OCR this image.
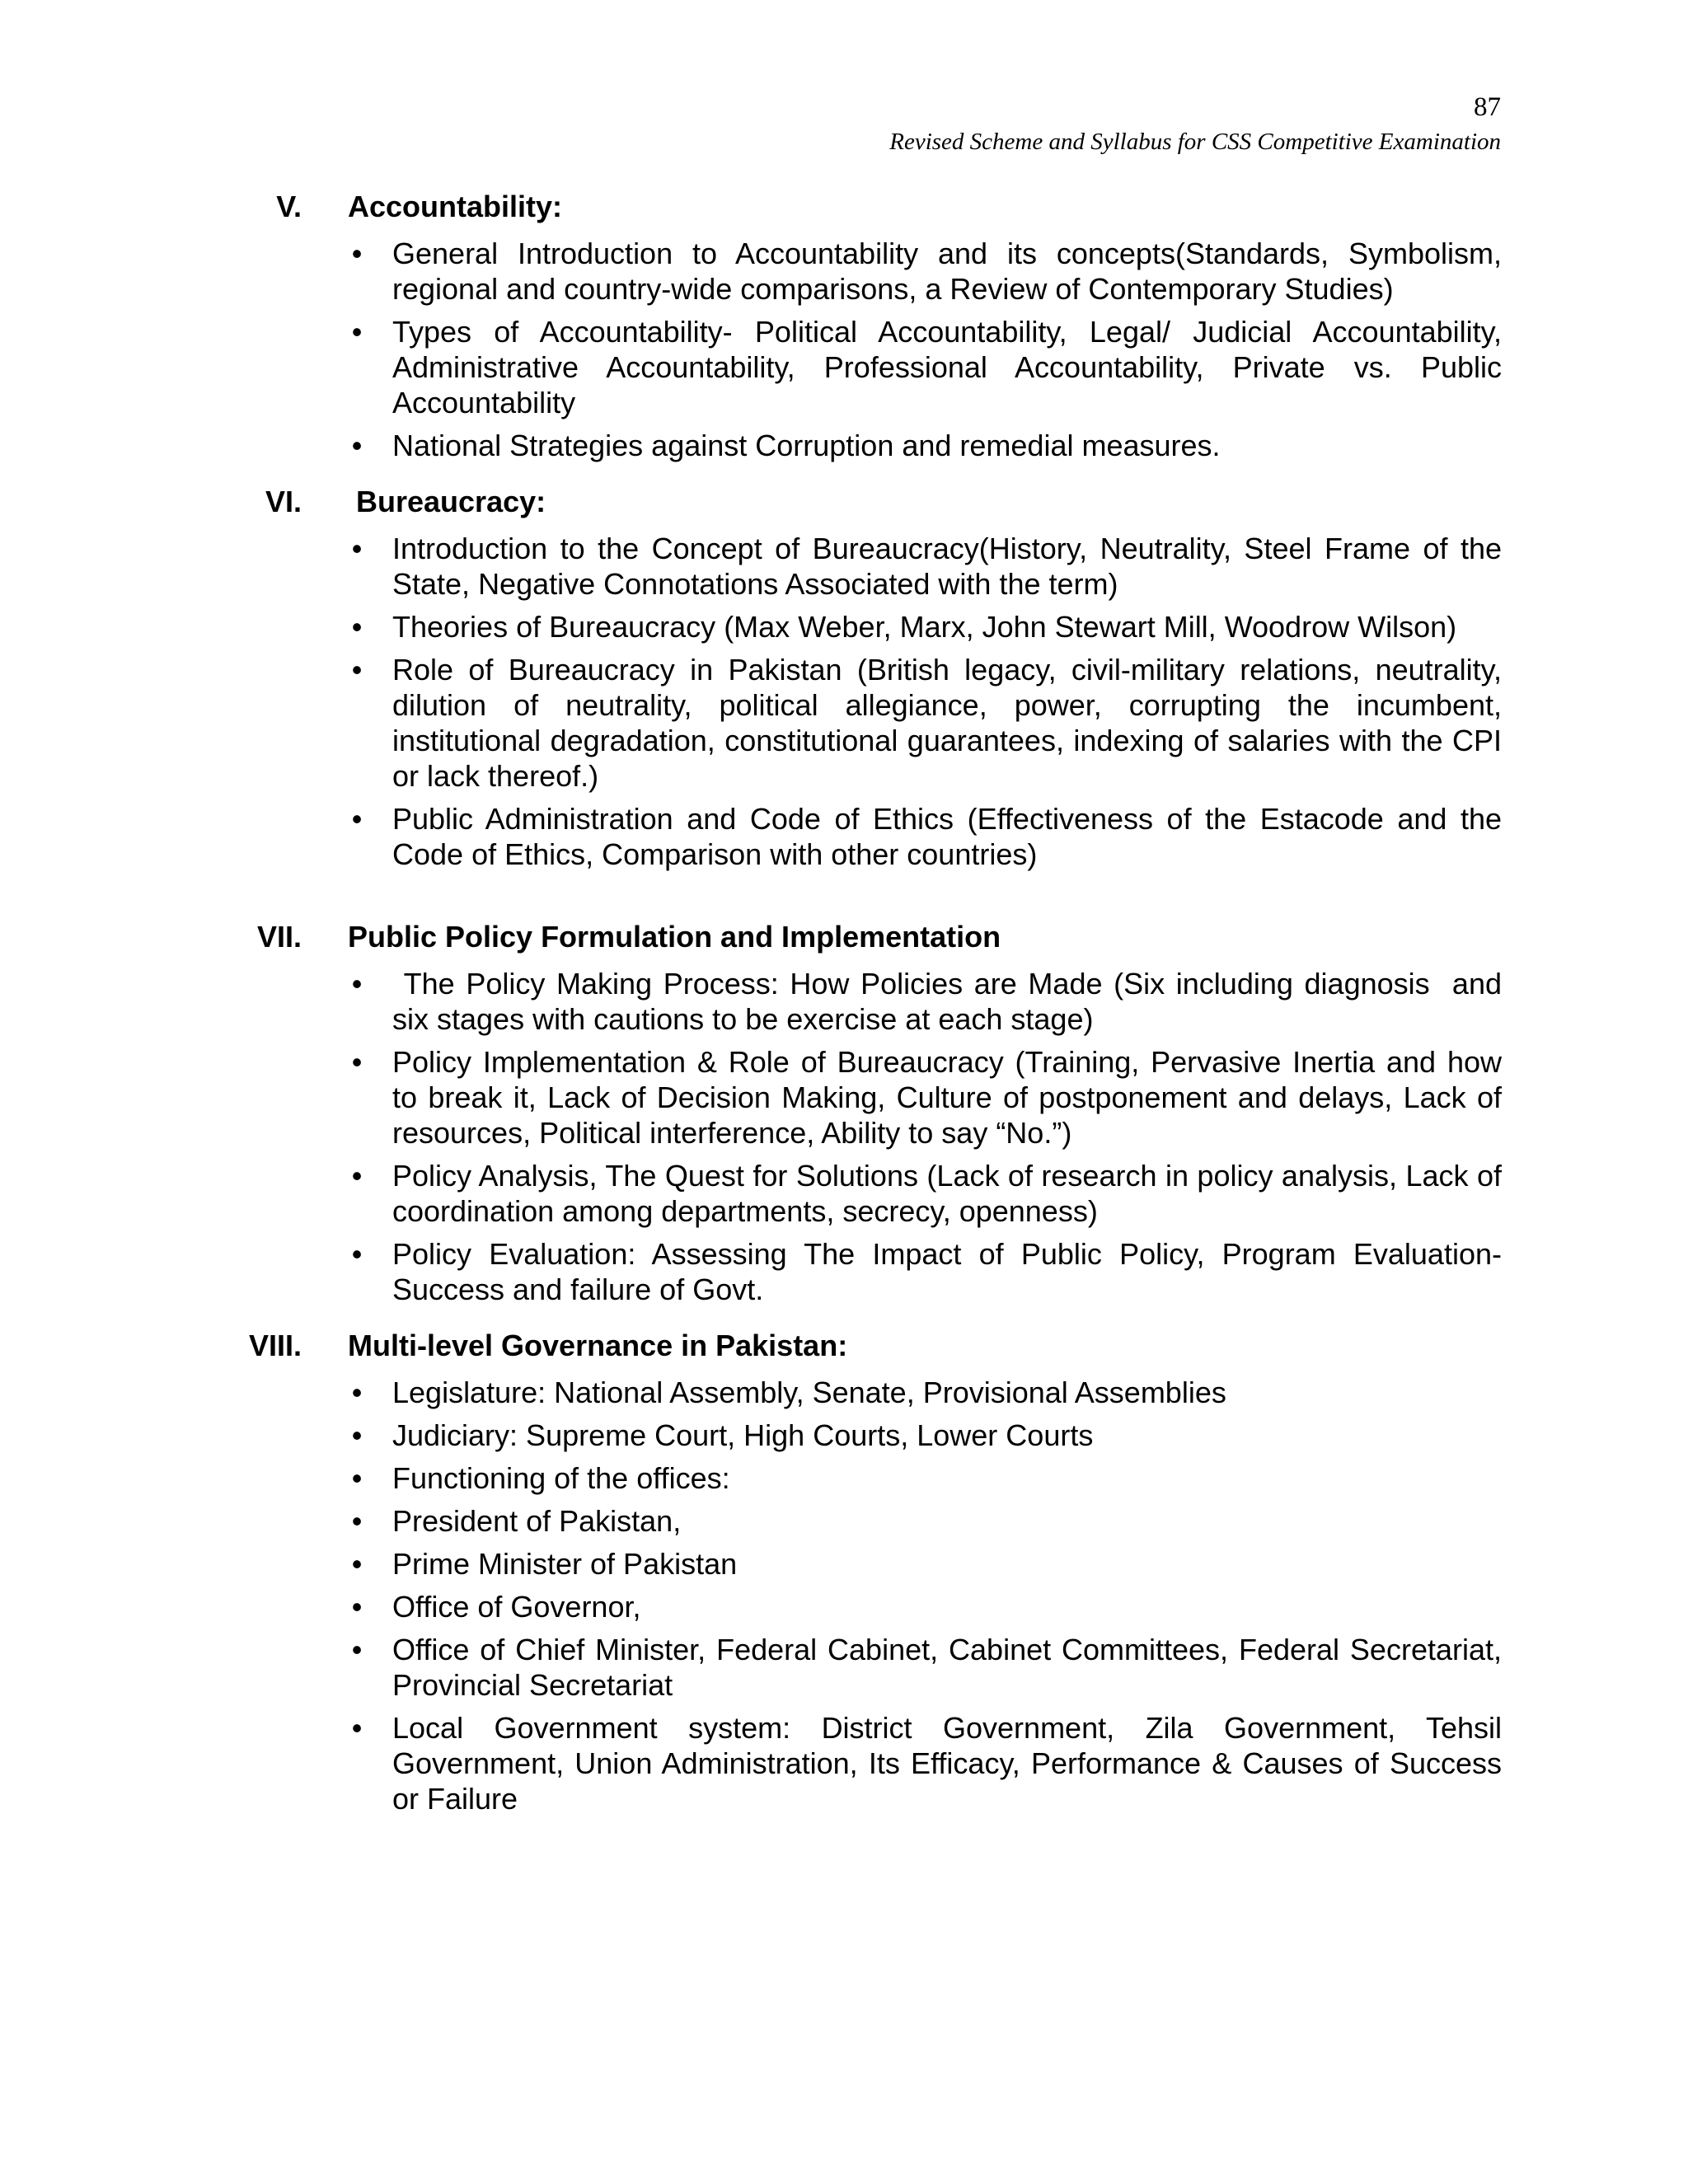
87
Revised Scheme and Syllabus for CSS Competitive Examination
V. Accountability:
• General Introduction to Accountability and its concepts(Standards, Symbolism, regional and country-wide comparisons, a Review of Contemporary Studies)
• Types of Accountability- Political Accountability, Legal/ Judicial Accountability, Administrative Accountability, Professional Accountability, Private vs. Public Accountability
• National Strategies against Corruption and remedial measures.
VI. Bureaucracy:
• Introduction to the Concept of Bureaucracy(History, Neutrality, Steel Frame of the State, Negative Connotations Associated with the term)
• Theories of Bureaucracy (Max Weber, Marx, John Stewart Mill, Woodrow Wilson)
• Role of Bureaucracy in Pakistan (British legacy, civil-military relations, neutrality, dilution of neutrality, political allegiance, power, corrupting the incumbent, institutional degradation, constitutional guarantees, indexing of salaries with the CPI or lack thereof.)
• Public Administration and Code of Ethics (Effectiveness of the Estacode and the Code of Ethics, Comparison with other countries)
VII. Public Policy Formulation and Implementation
• The Policy Making Process: How Policies are Made (Six including diagnosis  and six stages with cautions to be exercise at each stage)
• Policy Implementation & Role of Bureaucracy (Training, Pervasive Inertia and how to break it, Lack of Decision Making, Culture of postponement and delays, Lack of resources, Political interference, Ability to say “No.”)
• Policy Analysis, The Quest for Solutions (Lack of research in policy analysis, Lack of coordination among departments, secrecy, openness)
• Policy Evaluation: Assessing The Impact of Public Policy, Program Evaluation-Success and failure of Govt.
VIII. Multi-level Governance in Pakistan:
• Legislature: National Assembly, Senate, Provisional Assemblies
• Judiciary: Supreme Court, High Courts, Lower Courts
• Functioning of the offices:
• President of Pakistan,
• Prime Minister of Pakistan
• Office of Governor,
• Office of Chief Minister, Federal Cabinet, Cabinet Committees, Federal Secretariat, Provincial Secretariat
• Local Government system: District Government, Zila Government, Tehsil Government, Union Administration, Its Efficacy, Performance & Causes of Success or Failure
